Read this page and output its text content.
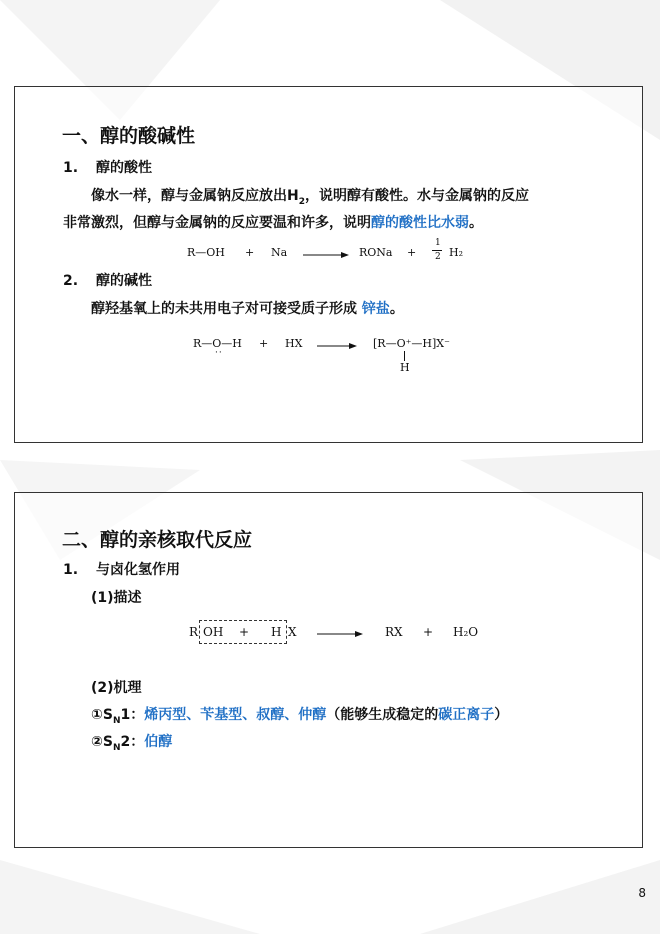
一、醇的酸碱性
1. 醇的酸性
像水一样，醇与金属钠反应放出$H_2$，说明醇有酸性。水与金属钠的反应
非常激烈，但醇与金属钠的反应要温和许多，说明醇的酸性比水弱。
R—OH + Na	RONa +
1
2 H₂
2. 醇的碱性
醇羟基氧上的未共用电子对可接受质子形成 锌盐。
R—O—H
··
+ HX → [R—O⁺—H]X⁻
H
二、醇的亲核取代反应
1. 与卤化氢作用
(1)描述
R OH + H X	RX + H₂O
(2)机理
$①S_N1$：烯丙型、苄基型、叔醇、仲醇（能够生成稳定的碳正离子）
$②S_N2$：伯醇
8
